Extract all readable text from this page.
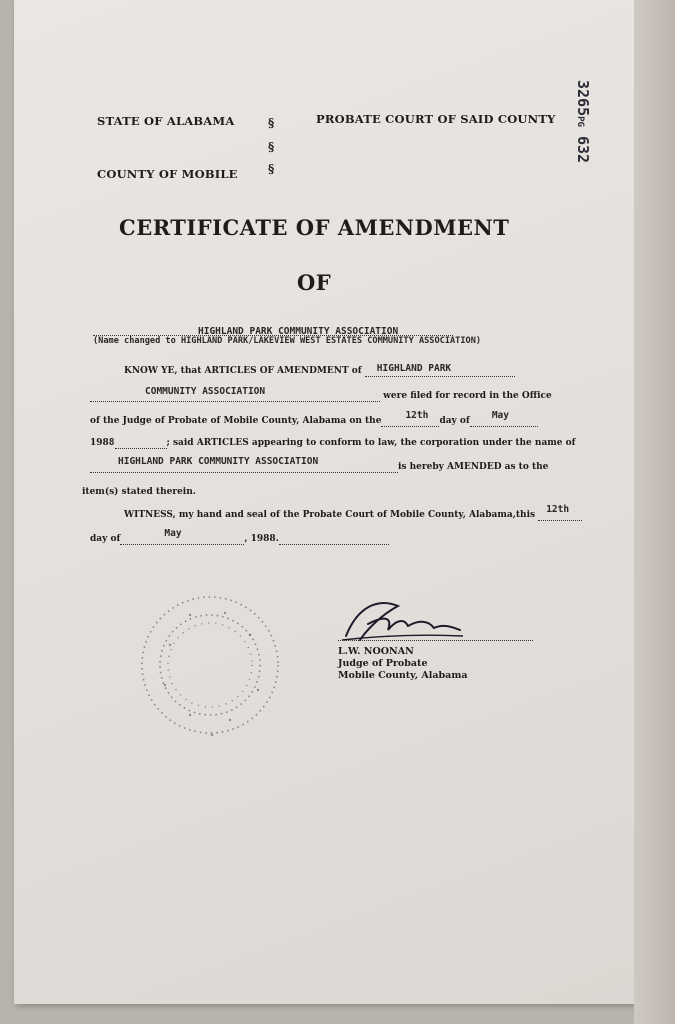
3265PG 632
STATE OF ALABAMA	PROBATE COURT OF SAID COUNTY
COUNTY OF MOBILE
§
§
§
CERTIFICATE OF AMENDMENT
OF
HIGHLAND PARK COMMUNITY ASSOCIATION
(Name changed to HIGHLAND PARK/LAKEVIEW WEST ESTATES COMMUNITY ASSOCIATION)
KNOW YE, that ARTICLES OF AMENDMENT of HIGHLAND PARK

COMMUNITY ASSOCIATION	were filed for record in the Office
of the Judge of Probate of Mobile County, Alabama on the	12th day of May

1988	; said ARTICLES appearing to conform to law, the corporation under the name of
HIGHLAND PARK COMMUNITY ASSOCIATION	is hereby AMENDED as to the
item(s) stated therein.
WITNESS, my hand and seal of the Probate Court of Mobile County, Alabama,this 12th

day of	May	, 1988.
L.W. NOONAN
Judge of Probate
Mobile County, Alabama
